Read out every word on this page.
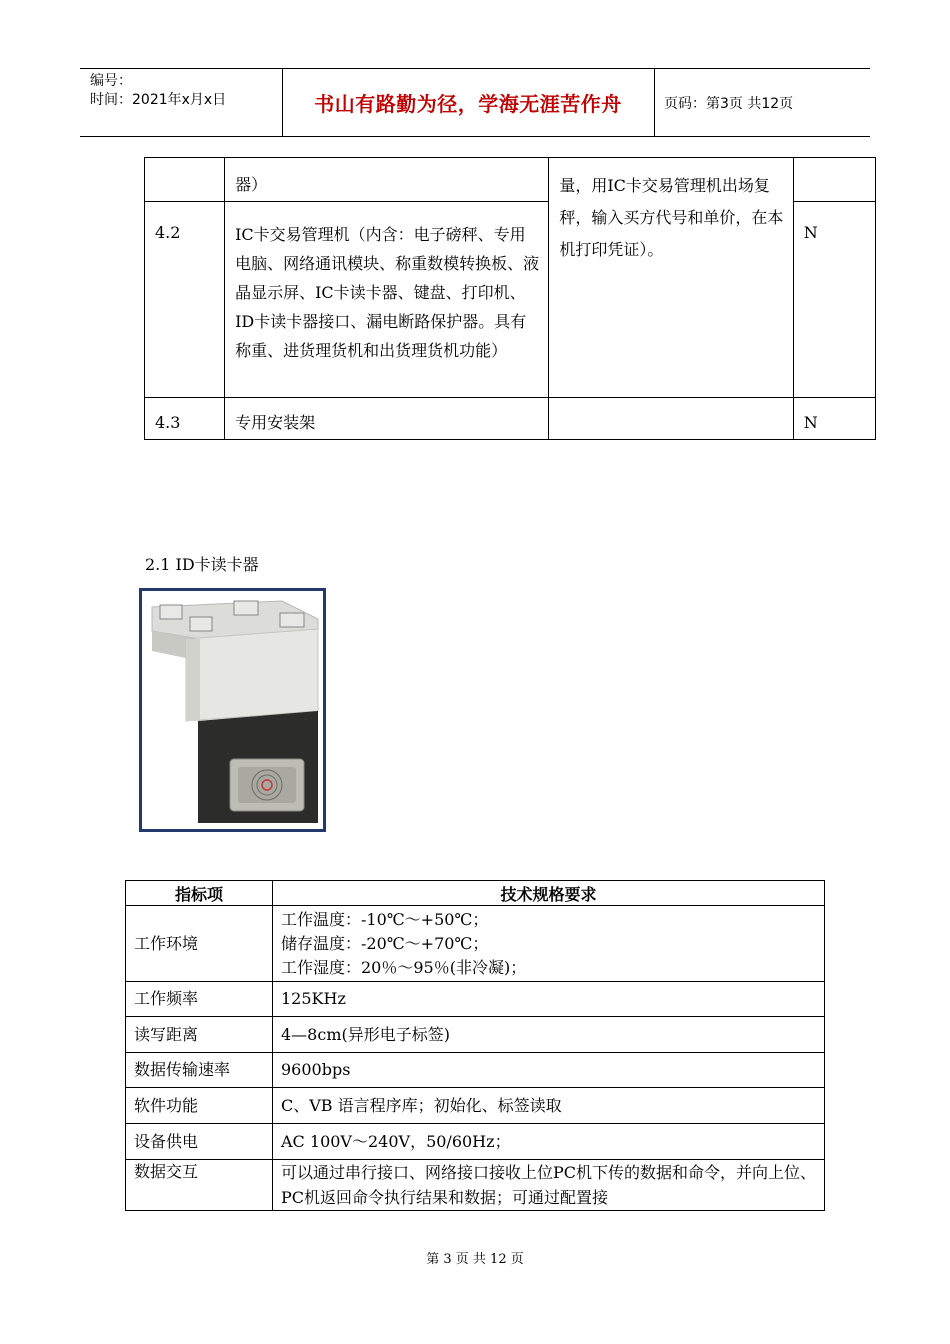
编号：
时间：2021年x月x日	书山有路勤为径，学海无涯苦作舟	页码：第3页 共12页
	器）	量，用IC卡交易管理机出场复秤，输入买方代号和单价，在本机打印凭证）。	
4.2	IC卡交易管理机（内含：电子磅秤、专用电脑、网络通讯模块、称重数模转换板、液晶显示屏、IC卡读卡器、键盘、打印机、ID卡读卡器接口、漏电断路保护器。具有称重、进货理货机和出货理货机功能）		N
4.3	专用安装架		N
2.1 ID卡读卡器
指标项	技术规格要求
工作环境	工作温度：-10℃～+50℃；
储存温度：-20℃～+70℃；
工作湿度：20％～95％(非冷凝)；

工作频率	125KHz
读写距离	4—8cm(异形电子标签)
数据传输速率	9600bps
软件功能	C、VB 语言程序库；初始化、标签读取
设备供电	AC 100V～240V，50/60Hz；
数据交互	可以通过串行接口、网络接口接收上位PC机下传的数据和命令，并向上位、PC机返回命令执行结果和数据；可通过配置接
第 3 页 共 12 页
